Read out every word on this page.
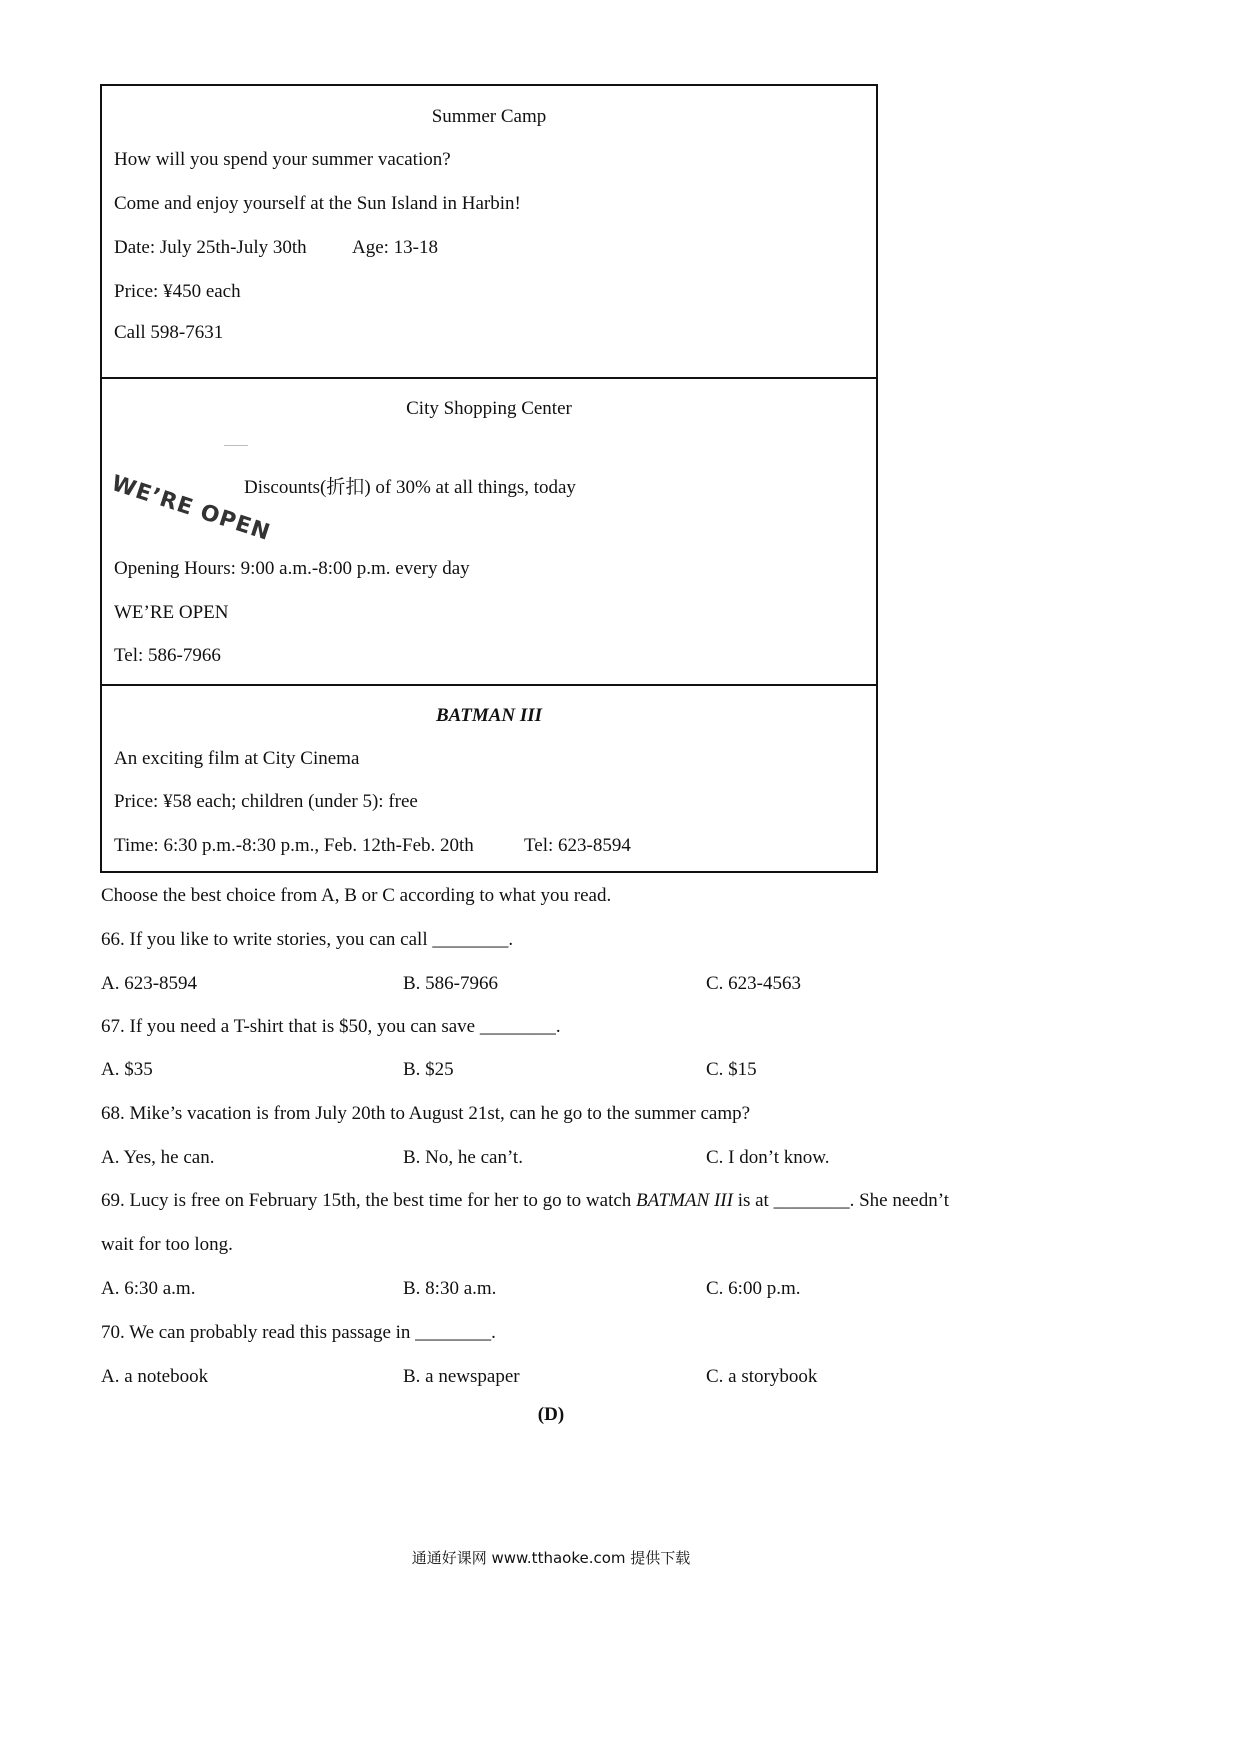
Summer Camp
How will you spend your summer vacation?
Come and enjoy yourself at the Sun Island in Harbin!
Date: July 25th-July 30th Age: 13-18
Price: ¥450 each
Call 598-7631
City Shopping Center
WE’RE OPEN
Discounts(折扣) of 30% at all things, today
Opening Hours: 9:00 a.m.-8:00 p.m. every day
WE’RE OPEN
Tel: 586-7966
BATMAN III
An exciting film at City Cinema
Price: ¥58 each; children (under 5): free
Time: 6:30 p.m.-8:30 p.m., Feb. 12th-Feb. 20th	Tel: 623-8594
Choose the best choice from A, B or C according to what you read.
66. If you like to write stories, you can call ________.
A. 623-8594	B. 586-7966	C. 623-4563
67. If you need a T-shirt that is $50, you can save ________.
A. $35	B. $25	C. $15
68. Mike’s vacation is from July 20th to August 21st, can he go to the summer camp?
A. Yes, he can.	B. No, he can’t.	C. I don’t know.
69. Lucy is free on February 15th, the best time for her to go to watch BATMAN III is at ________. She needn’t
wait for too long.
A. 6:30 a.m.	B. 8:30 a.m.	C. 6:00 p.m.
70. We can probably read this passage in ________.
A. a notebook	B. a newspaper	C. a storybook
(D)
通通好课网 www.tthaoke.com 提供下载
